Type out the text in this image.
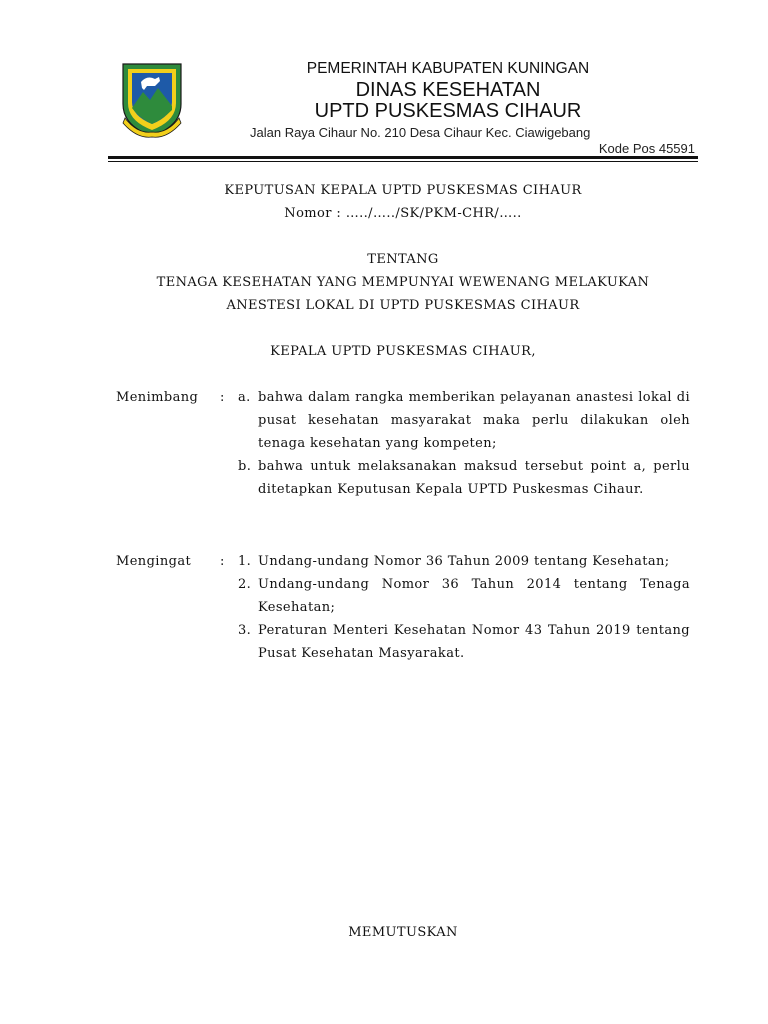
PEMERINTAH KABUPATEN KUNINGAN
DINAS KESEHATAN
UPTD PUSKESMAS CIHAUR
Jalan Raya Cihaur No. 210 Desa Cihaur Kec. Ciawigebang
Kode Pos 45591
KEPUTUSAN KEPALA UPTD PUSKESMAS CIHAUR
Nomor : …../…../SK/PKM-CHR/…..
TENTANG
TENAGA KESEHATAN YANG MEMPUNYAI WEWENANG MELAKUKAN
ANESTESI LOKAL DI UPTD PUSKESMAS CIHAUR
KEPALA UPTD PUSKESMAS CIHAUR,
Menimbang : a. bahwa dalam rangka memberikan pelayanan anastesi lokal di pusat kesehatan masyarakat maka perlu dilakukan oleh tenaga kesehatan yang kompeten;
b. bahwa untuk melaksanakan maksud tersebut point a, perlu ditetapkan Keputusan Kepala UPTD Puskesmas Cihaur.
Mengingat : 1. Undang-undang Nomor 36 Tahun 2009 tentang Kesehatan;
2. Undang-undang Nomor 36 Tahun 2014 tentang Tenaga Kesehatan;
3. Peraturan Menteri Kesehatan Nomor 43 Tahun 2019 tentang Pusat Kesehatan Masyarakat.
MEMUTUSKAN
